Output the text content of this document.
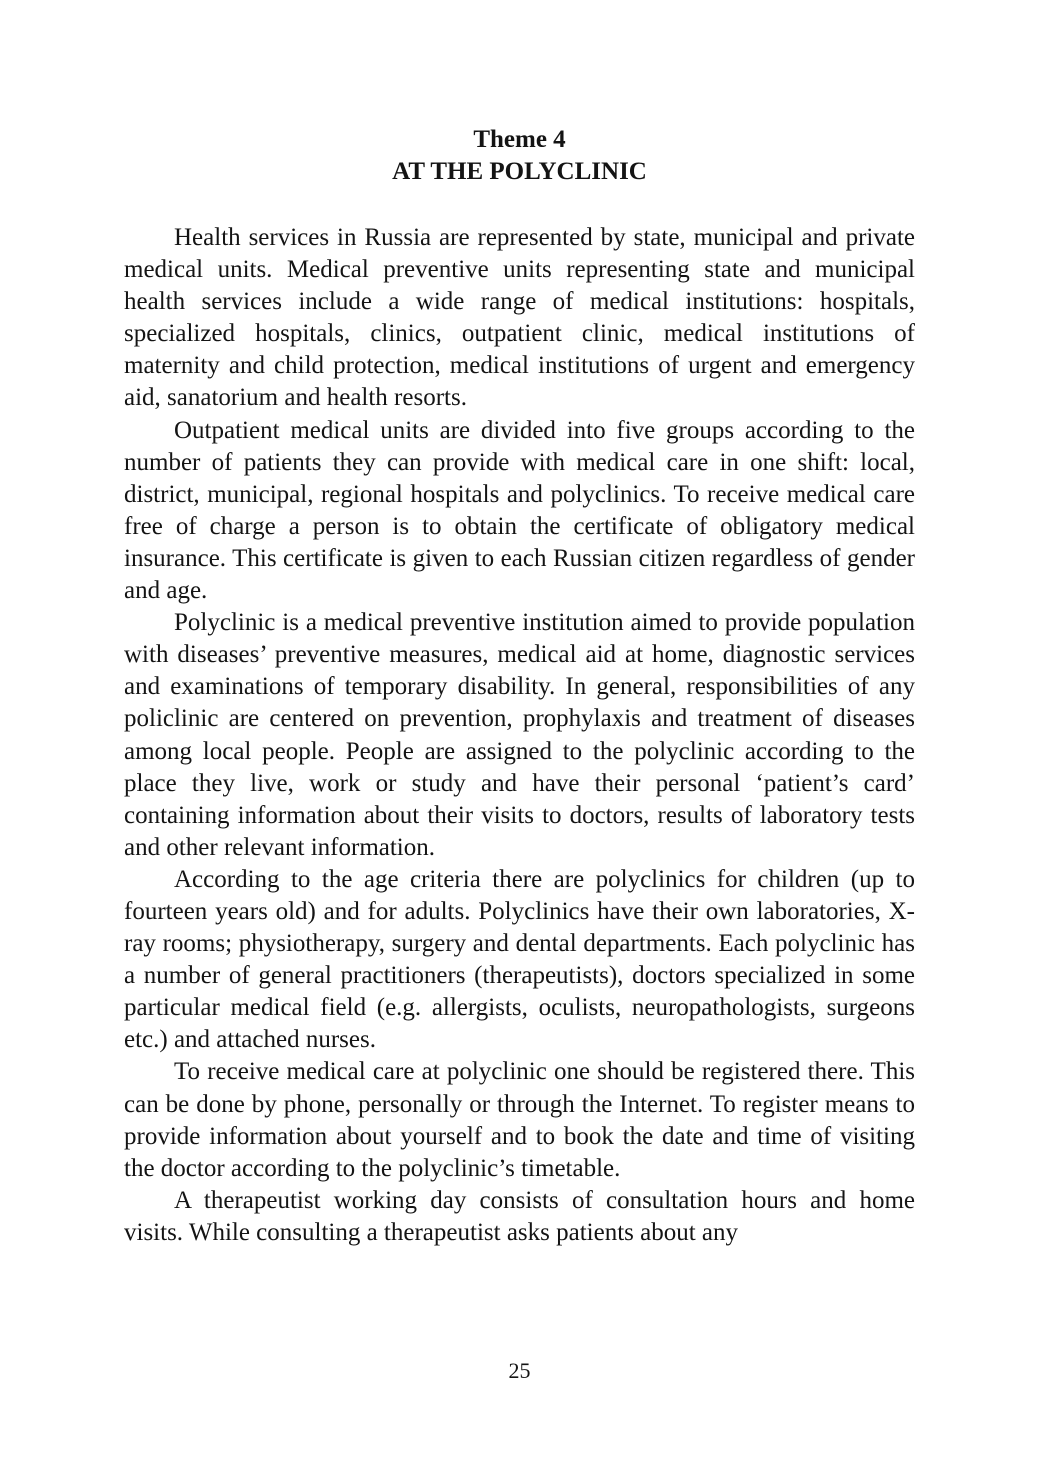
Theme 4
AT THE POLYCLINIC

Health services in Russia are represented by state, municipal and private medical units. Medical preventive units representing state and municipal health services include a wide range of medical institutions: hospitals, specialized hospitals, clinics, outpatient clinic, medical institutions of maternity and child protection, medical institutions of urgent and emergency aid, sanatorium and health resorts.

Outpatient medical units are divided into five groups according to the number of patients they can provide with medical care in one shift: local, district, municipal, regional hospitals and polyclinics. To receive medical care free of charge a person is to obtain the certificate of obligatory medical insurance. This certificate is given to each Russian citizen regardless of gender and age.

Polyclinic is a medical preventive institution aimed to provide population with diseases’ preventive measures, medical aid at home, diagnostic services and examinations of temporary disability. In general, responsibilities of any policlinic are centered on prevention, prophylaxis and treatment of diseases among local people. People are assigned to the polyclinic according to the place they live, work or study and have their personal ‘patient’s card’ containing information about their visits to doctors, results of laboratory tests and other relevant information.

According to the age criteria there are polyclinics for children (up to fourteen years old) and for adults. Polyclinics have their own laboratories, X-ray rooms; physiotherapy, surgery and dental departments. Each polyclinic has a number of general practitioners (therapeutists), doctors specialized in some particular medical field (e.g. allergists, oculists, neuropathologists, surgeons etc.) and attached nurses.

To receive medical care at polyclinic one should be registered there. This can be done by phone, personally or through the Internet. To register means to provide information about yourself and to book the date and time of visiting the doctor according to the polyclinic’s timetable.

A therapeutist working day consists of consultation hours and home visits. While consulting a therapeutist asks patients about any

25
